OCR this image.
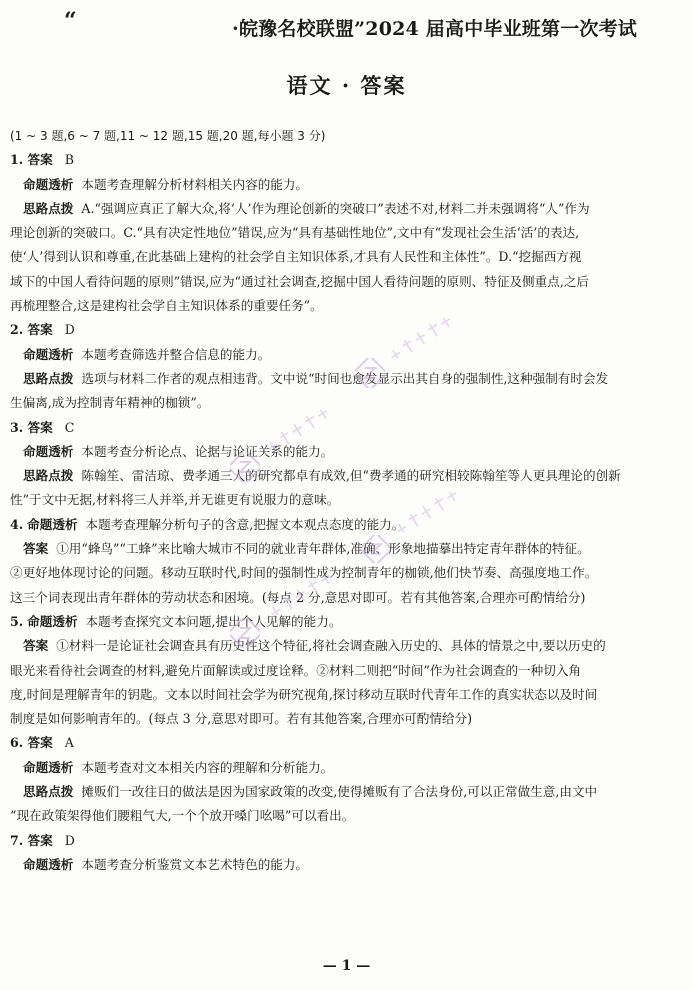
“	·皖豫名校联盟”2024 届高中毕业班第一次考试
语文 · 答案

(1 ~ 3 题,6 ~ 7 题,11 ~ 12 题,15 题,20 题,每小题 3 分)

1. 答案 B

命题透析 本题考查理解分析材料相关内容的能力。

思路点拨 A.“强调应真正了解大众,将‘人’作为理论创新的突破口”表述不对,材料二并未强调将“人”作为

理论创新的突破口。C.“具有决定性地位”错误,应为“具有基础性地位”,文中有“发现社会生活‘活’的表达,

使‘人’得到认识和尊重,在此基础上建构的社会学自主知识体系,才具有人民性和主体性”。D.“挖掘西方视

域下的中国人看待问题的原则”错误,应为“通过社会调查,挖掘中国人看待问题的原则、特征及侧重点,之后

再梳理整合,这是建构社会学自主知识体系的重要任务”。

2. 答案 D

命题透析 本题考查筛选并整合信息的能力。

思路点拨 选项与材料二作者的观点相违背。文中说“时间也愈发显示出其自身的强制性,这种强制有时会发

生偏离,成为控制青年精神的枷锁”。

3. 答案 C

命题透析 本题考查分析论点、论据与论证关系的能力。

思路点拨 陈翰笙、雷洁琼、费孝通三人的研究都卓有成效,但“费孝通的研究相较陈翰笙等人更具理论的创新

性”于文中无据,材料将三人并举,并无谁更有说服力的意味。

4. 命题透析 本题考查理解分析句子的含意,把握文本观点态度的能力。

答案 ①用“蜂鸟”“工蜂”来比喻大城市不同的就业青年群体,准确、形象地描摹出特定青年群体的特征。

②更好地体现讨论的问题。移动互联时代,时间的强制性成为控制青年的枷锁,他们快节奏、高强度地工作。

这三个词表现出青年群体的劳动状态和困境。(每点 2 分,意思对即可。若有其他答案,合理亦可酌情给分)

5. 命题透析 本题考查探究文本问题,提出个人见解的能力。

答案 ①材料一是论证社会调查具有历史性这个特征,将社会调查融入历史的、具体的情景之中,要以历史的

眼光来看待社会调查的材料,避免片面解读或过度诠释。②材料二则把“时间”作为社会调查的一种切入角

度,时间是理解青年的钥匙。文本以时间社会学为研究视角,探讨移动互联时代青年工作的真实状态以及时间

制度是如何影响青年的。(每点 3 分,意思对即可。若有其他答案,合理亦可酌情给分)

6. 答案 A

命题透析 本题考查对文本相关内容的理解和分析能力。

思路点拨 摊贩们一改往日的做法是因为国家政策的改变,使得摊贩有了合法身份,可以正常做生意,由文中

“现在政策架得他们腰粗气大,一个个放开嗓门吆喝”可以看出。

7. 答案 D

命题透析 本题考查分析鉴赏文本艺术特色的能力。

— 1 —
